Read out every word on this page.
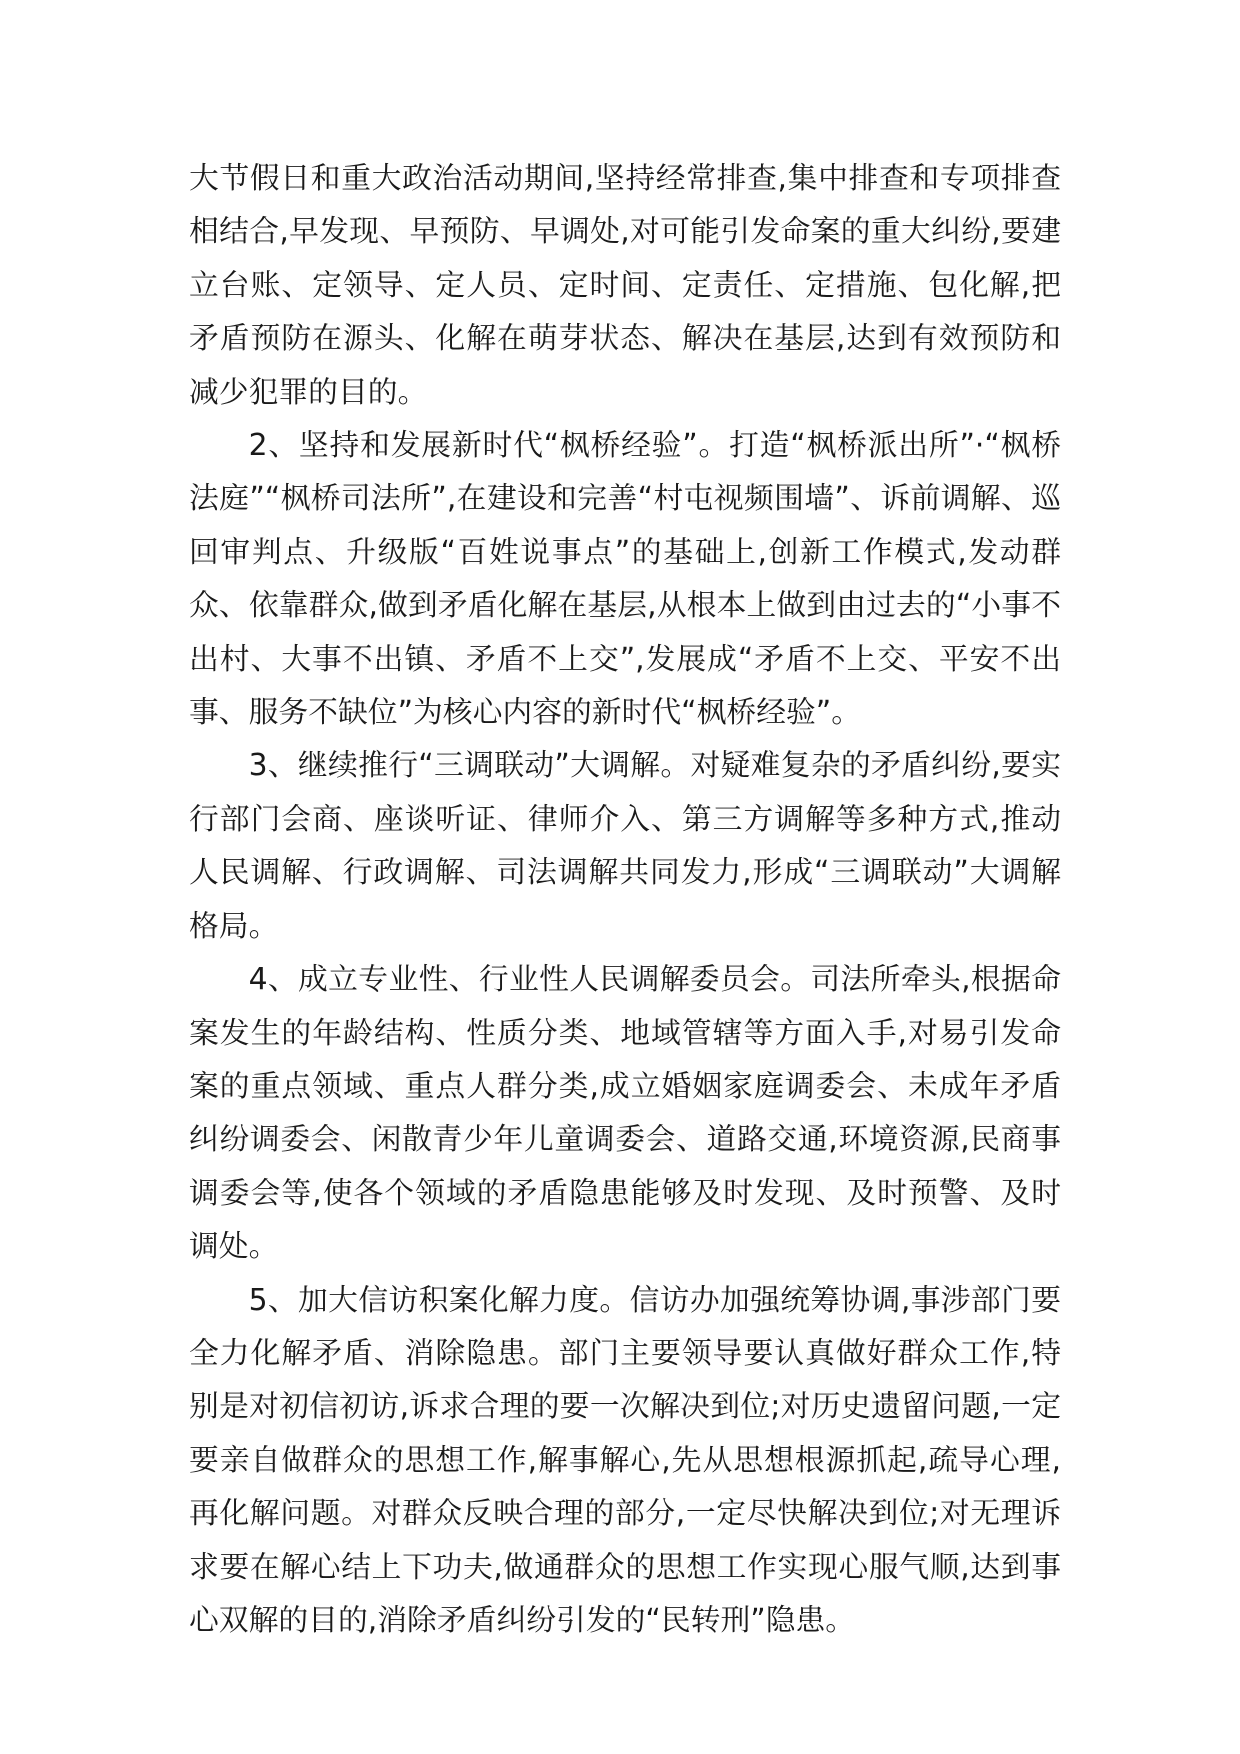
大节假日和重大政治活动期间,坚持经常排查,集中排查和专项排查相结合,早发现、早预防、早调处,对可能引发命案的重大纠纷,要建立台账、定领导、定人员、定时间、定责任、定措施、包化解,把矛盾预防在源头、化解在萌芽状态、解决在基层,达到有效预防和减少犯罪的目的。

2、坚持和发展新时代“枫桥经验”。打造“枫桥派出所”·“枫桥法庭”“枫桥司法所”,在建设和完善“村屯视频围墙”、诉前调解、巡回审判点、升级版“百姓说事点”的基础上,创新工作模式,发动群众、依靠群众,做到矛盾化解在基层,从根本上做到由过去的“小事不出村、大事不出镇、矛盾不上交”,发展成“矛盾不上交、平安不出事、服务不缺位”为核心内容的新时代“枫桥经验”。

3、继续推行“三调联动”大调解。对疑难复杂的矛盾纠纷,要实行部门会商、座谈听证、律师介入、第三方调解等多种方式,推动人民调解、行政调解、司法调解共同发力,形成“三调联动”大调解格局。

4、成立专业性、行业性人民调解委员会。司法所牵头,根据命案发生的年龄结构、性质分类、地域管辖等方面入手,对易引发命案的重点领域、重点人群分类,成立婚姻家庭调委会、未成年矛盾纠纷调委会、闲散青少年儿童调委会、道路交通,环境资源,民商事调委会等,使各个领域的矛盾隐患能够及时发现、及时预警、及时调处。

5、加大信访积案化解力度。信访办加强统筹协调,事涉部门要全力化解矛盾、消除隐患。部门主要领导要认真做好群众工作,特别是对初信初访,诉求合理的要一次解决到位;对历史遗留问题,一定要亲自做群众的思想工作,解事解心,先从思想根源抓起,疏导心理,再化解问题。对群众反映合理的部分,一定尽快解决到位;对无理诉求要在解心结上下功夫,做通群众的思想工作实现心服气顺,达到事心双解的目的,消除矛盾纠纷引发的“民转刑”隐患。
